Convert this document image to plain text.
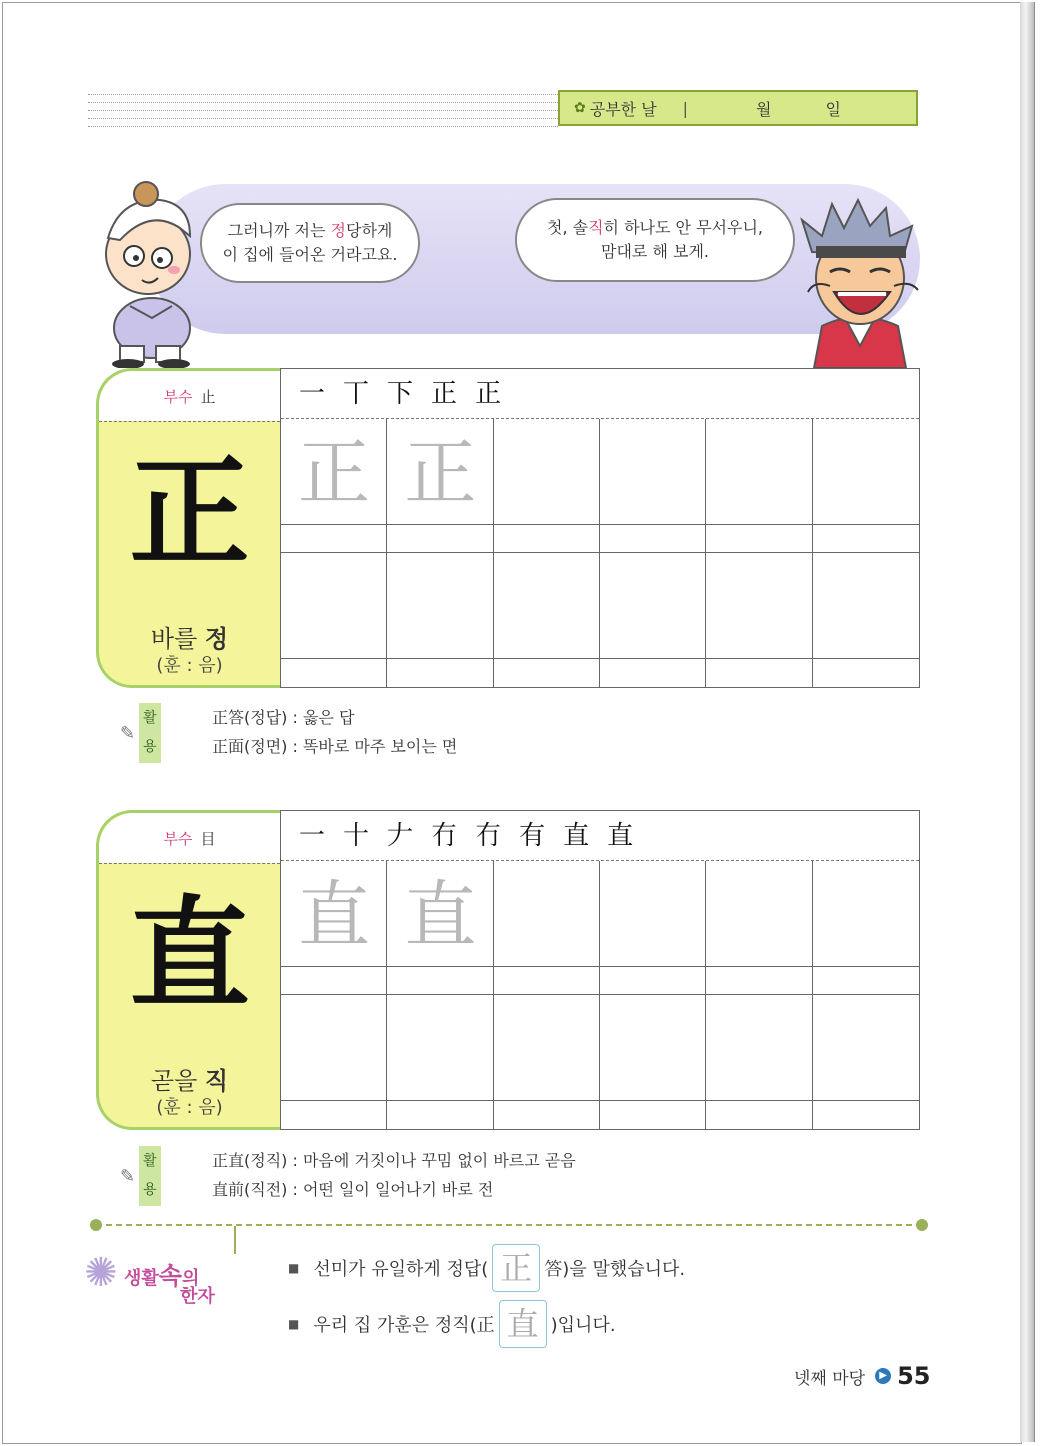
✿ 공부한 날 |	월	일
그러니까 저는 정당하게
이 집에 들어온 거라고요.
첫, 솔직히 하나도 안 무서우니,
맘대로 해 보게.
부수 止
正
바를 정
(훈 : 음)
一 丅 下 正 正
正 正
✎
활용
正答(정답) : 옳은 답
正面(정면) : 똑바로 마주 보이는 면
부수 目
直
곧을 직
(훈 : 음)
一 十 𠂇 冇 冇 有 直 直
直 直
✎
활용
正直(정직) : 마음에 거짓이나 꾸밈 없이 바르고 곧음
直前(직전) : 어떤 일이 일어나기 바로 전
✺ 생활속의
한자
■ 선미가 유일하게 정답( 正 答)을 말했습니다.
■ 우리 집 가훈은 정직(正 直 )입니다.
넷째 마당	▶ 55
